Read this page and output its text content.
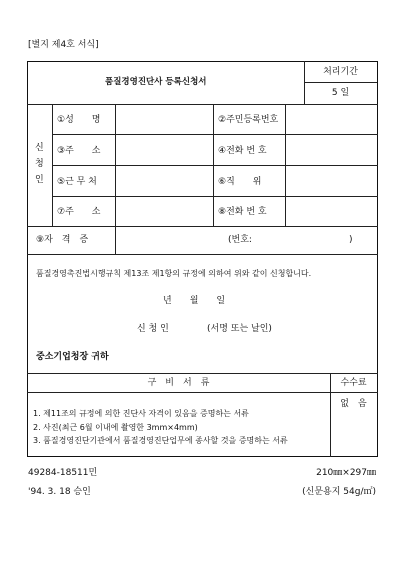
[별지 제4호 서식]
품질경영진단사 등록신청서
처리기간
5 일
신
청
인
①성　　명	②주민등록번호
③주　　소	④전화 번 호
⑤근 무 처	⑥직　　위
⑦주　　소	⑧전화 번 호
⑨자　격　증	(번호:	)
품질경영촉진법시행규칙 제13조 제1항의 규정에 의하여 위와 같이 신청합니다.
년　　월　　일
신 청 인	(서명 또는 날인)
중소기업청장 귀하
구　비　서　류	수수료
없　음
1. 제11조의 규정에 의한 진단사 자격이 있음을 증명하는 서류
2. 사진(최근 6월 이내에 촬영한 3mm×4mm)
3. 품질경영진단기관에서 품질경영진단업무에 종사할 것을 증명하는 서류
49284-18511민
'94. 3. 18 승인
210㎜×297㎜
(신문용지 54g/㎡)
